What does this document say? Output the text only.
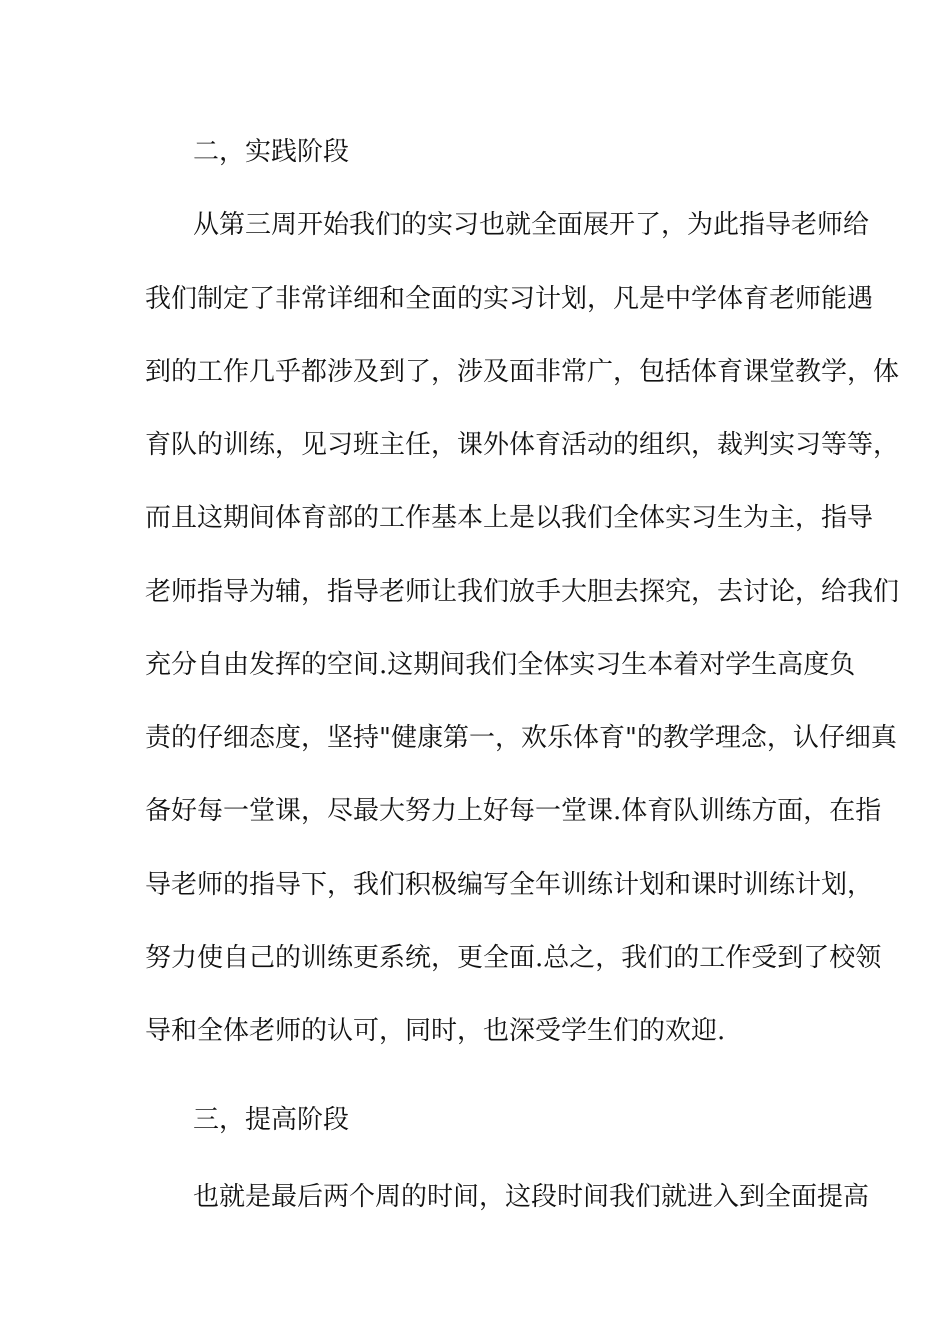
二，实践阶段
从第三周开始我们的实习也就全面展开了，为此指导老师给
我们制定了非常详细和全面的实习计划，凡是中学体育老师能遇
到的工作几乎都涉及到了，涉及面非常广，包括体育课堂教学，体
育队的训练，见习班主任，课外体育活动的组织，裁判实习等等，
而且这期间体育部的工作基本上是以我们全体实习生为主，指导
老师指导为辅，指导老师让我们放手大胆去探究，去讨论，给我们
充分自由发挥的空间.这期间我们全体实习生本着对学生高度负
责的仔细态度，坚持"健康第一，欢乐体育"的教学理念，认仔细真
备好每一堂课，尽最大努力上好每一堂课.体育队训练方面，在指
导老师的指导下，我们积极编写全年训练计划和课时训练计划，
努力使自己的训练更系统，更全面.总之，我们的工作受到了校领
导和全体老师的认可，同时，也深受学生们的欢迎.
三，提高阶段
也就是最后两个周的时间，这段时间我们就进入到全面提高
